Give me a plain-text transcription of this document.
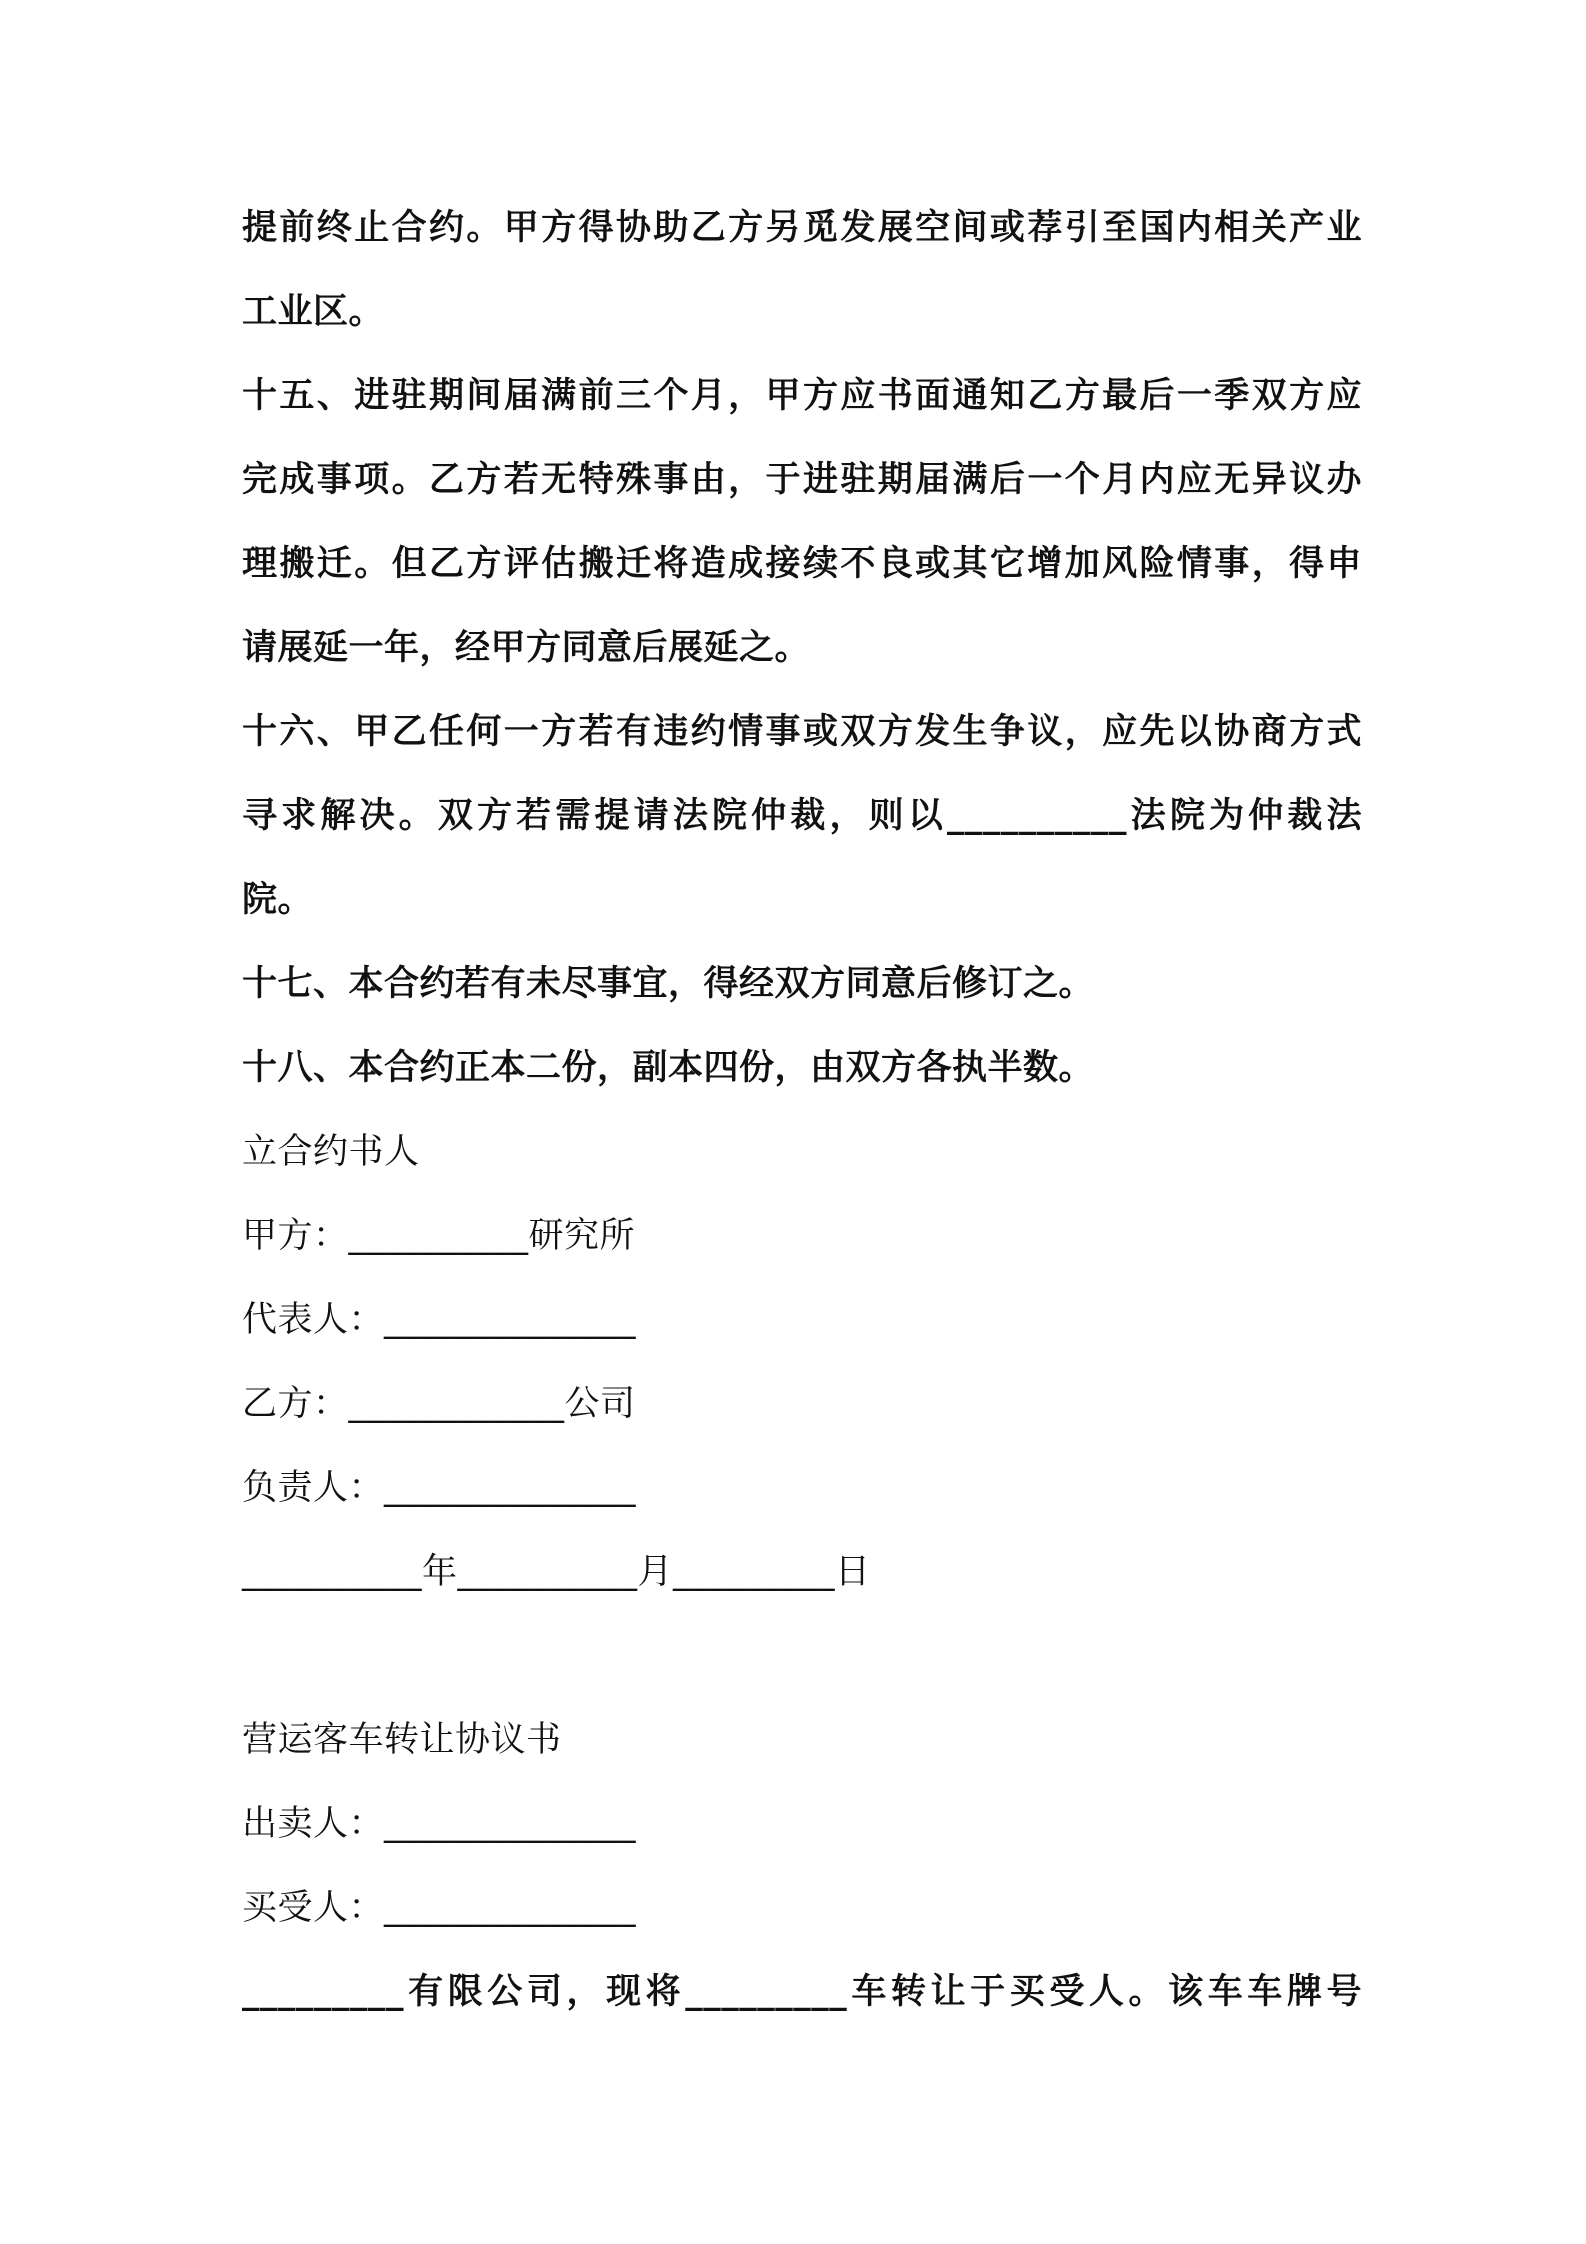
提前终止合约。甲方得协助乙方另觅发展空间或荐引至国内相关产业
工业区。
十五、进驻期间届满前三个月，甲方应书面通知乙方最后一季双方应
完成事项。乙方若无特殊事由，于进驻期届满后一个月内应无异议办
理搬迁。但乙方评估搬迁将造成接续不良或其它增加风险情事，得申
请展延一年，经甲方同意后展延之。
十六、甲乙任何一方若有违约情事或双方发生争议，应先以协商方式
寻求解决。双方若需提请法院仲裁，则以__________法院为仲裁法
院。
十七、本合约若有未尽事宜，得经双方同意后修订之。
十八、本合约正本二份，副本四份，由双方各执半数。
立合约书人
甲方：__________研究所
代表人：______________
乙方：____________公司
负责人：______________
__________年__________月_________日
营运客车转让协议书
出卖人：______________
买受人：______________
_________有限公司，现将_________车转让于买受人。该车车牌号
